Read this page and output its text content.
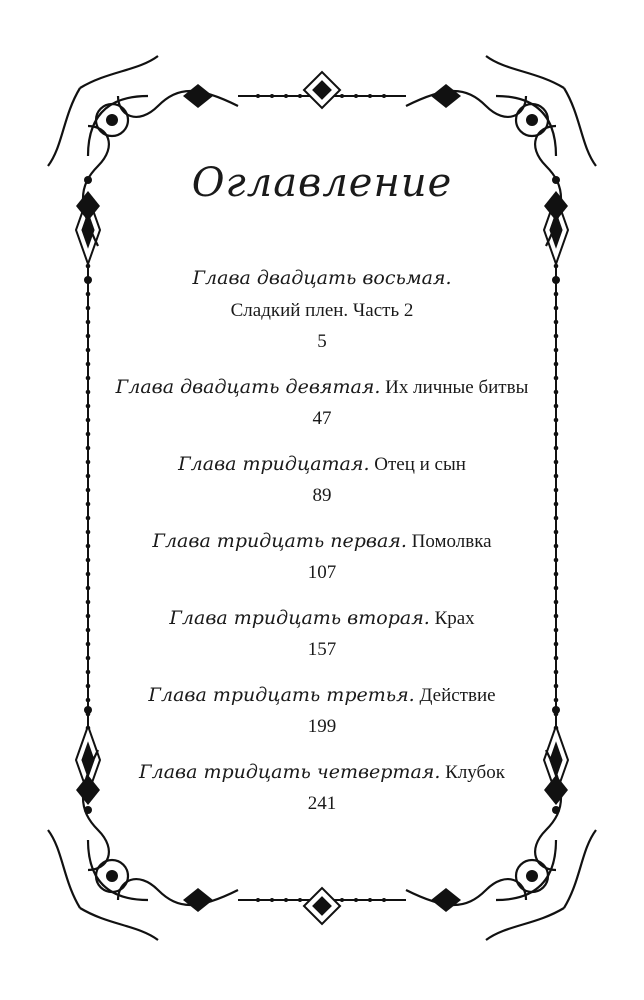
Оглавление
Глава двадцать восьмая.
Сладкий плен. Часть 2
5
Глава двадцать девятая. Их личные битвы
47
Глава тридцатая. Отец и сын
89
Глава тридцать первая. Помолвка
107
Глава тридцать вторая. Крах
157
Глава тридцать третья. Действие
199
Глава тридцать четвертая. Клубок
241
